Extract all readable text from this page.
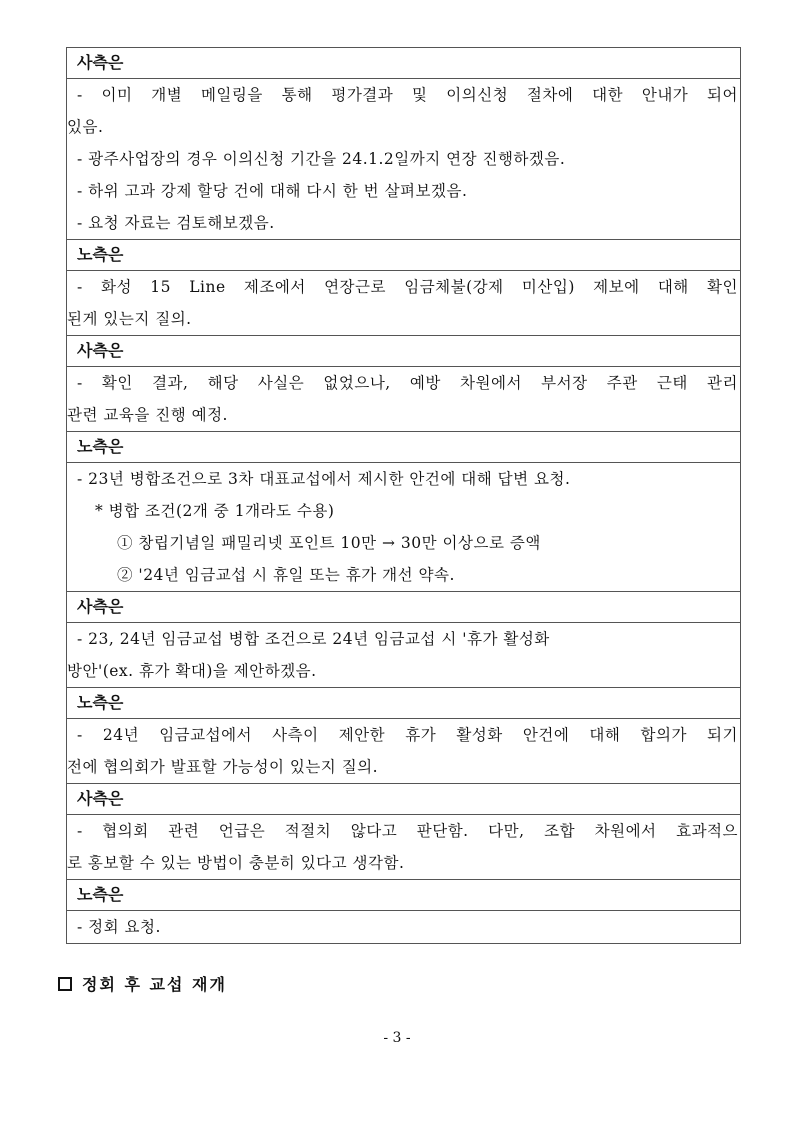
사측은
- 이미 개별 메일링을 통해 평가결과 및 이의신청 절차에 대한 안내가 되어
있음.
- 광주사업장의 경우 이의신청 기간을 24.1.2일까지 연장 진행하겠음.
- 하위 고과 강제 할당 건에 대해 다시 한 번 살펴보겠음.
- 요청 자료는 검토해보겠음.
노측은
- 화성 15 Line 제조에서 연장근로 임금체불(강제 미산입) 제보에 대해 확인
된게 있는지 질의.
사측은
- 확인 결과, 해당 사실은 없었으나, 예방 차원에서 부서장 주관 근태 관리
관련 교육을 진행 예정.
노측은
- 23년 병합조건으로 3차 대표교섭에서 제시한 안건에 대해 답변 요청.
* 병합 조건(2개 중 1개라도 수용)
① 창립기념일 패밀리넷 포인트 10만 → 30만 이상으로 증액
② '24년 임금교섭 시 휴일 또는 휴가 개선 약속.
사측은
- 23, 24년 임금교섭 병합 조건으로 24년 임금교섭 시 '휴가 활성화
방안'(ex. 휴가 확대)을 제안하겠음.
노측은
- 24년 임금교섭에서 사측이 제안한 휴가 활성화 안건에 대해 합의가 되기
전에 협의회가 발표할 가능성이 있는지 질의.
사측은
- 협의회 관련 언급은 적절치 않다고 판단함. 다만, 조합 차원에서 효과적으
로 홍보할 수 있는 방법이 충분히 있다고 생각함.
노측은
- 정회 요청.
정회 후 교섭 재개
- 3 -
